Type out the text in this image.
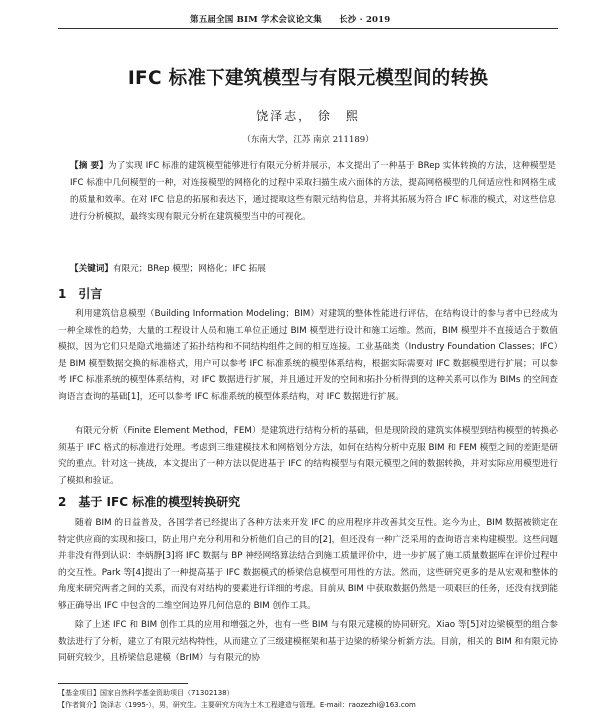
第五届全国 BIM 学术会议论文集 长沙 · 2019
IFC 标准下建筑模型与有限元模型间的转换
饶泽志， 徐　熙
（东南大学，江苏 南京 211189）
【摘 要】为了实现 IFC 标准的建筑模型能够进行有限元分析并展示，本文提出了一种基于 BRep 实体转换的方法，这种模型是 IFC 标准中几何模型的一种，对连接模型的网格化的过程中采取扫描生成六面体的方法，提高网格模型的几何适应性和网格生成的质量和效率。在对 IFC 信息的拓展和表达下，通过提取这些有限元结构信息，并将其拓展为符合 IFC 标准的模式，对这些信息进行分析模拟，最终实现有限元分析在建筑模型当中的可视化。
【关键词】有限元；BRep 模型；网格化；IFC 拓展
1　引言
利用建筑信息模型（Building Information Modeling；BIM）对建筑的整体性能进行评估，在结构设计的参与者中已经成为一种全球性的趋势，大量的工程设计人员和施工单位正通过 BIM 模型进行设计和施工运维。然而，BIM 模型并不直接适合于数值模拟，因为它们只是隐式地描述了拓扑结构和不同结构组件之间的相互连接。工业基础类（Industry Foundation Classes；IFC）是 BIM 模型数据交换的标准格式，用户可以参考 IFC 标准系统的模型体系结构，根据实际需要对 IFC 数据模型进行扩展；可以参考 IFC 标准系统的模型体系结构，对 IFC 数据进行扩展，并且通过开发的空间和拓扑分析得到的这种关系可以作为 BIMs 的空间查询语言查询的基础[1]，还可以参考 IFC 标准系统的模型体系结构，对 IFC 数据进行扩展。
有限元分析（Finite Element Method，FEM）是建筑进行结构分析的基础，但是现阶段的建筑实体模型到结构模型的转换必须基于 IFC 格式的标准进行处理。考虑到三维建模技术和网格划分方法，如何在结构分析中克服 BIM 和 FEM 模型之间的差距是研究的重点。针对这一挑战，本文提出了一种方法以促进基于 IFC 的结构模型与有限元模型之间的数据转换，并对实际应用模型进行了模拟和验证。
2　基于 IFC 标准的模型转换研究
随着 BIM 的日益普及，各国学者已经提出了各种方法来开发 IFC 的应用程序并改善其交互性。迄今为止，BIM 数据被锁定在特定供应商的实现和接口，防止用户充分利用和分析他们自己的目的[2]，但还没有一种广泛采用的查询语言来构建模型。这些问题并非没有得到认识：李炳静[3]将 IFC 数据与 BP 神经网络算法结合到施工质量评价中，进一步扩展了施工质量数据库在评价过程中的交互性。Park 等[4]提出了一种提高基于 IFC 数据模式的桥梁信息模型可用性的方法。然而，这些研究更多的是从宏观和整体的角度来研究两者之间的关系，而没有对结构的要素进行详细的考虑。目前从 BIM 中获取数据仍然是一项艰巨的任务，还没有找到能够正确导出 IFC 中包含的二维空间边界几何信息的 BIM 创作工具。
除了上述 IFC 和 BIM 创作工具的应用和增强之外，也有一些 BIM 与有限元建模的协同研究。Xiao 等[5]对边梁模型的组合参数法进行了分析，建立了有限元结构特性，从而建立了三级建模框架和基于边梁的桥梁分析新方法。目前，相关的 BIM 和有限元协同研究较少，且桥梁信息建模（BrIM）与有限元的协
【基金项目】国家自然科学基金资助项目（71302138）
【作者简介】饶泽志（1995-），男，研究生。主要研究方向为土木工程建造与管理。E-mail：raozezhi@163.com
